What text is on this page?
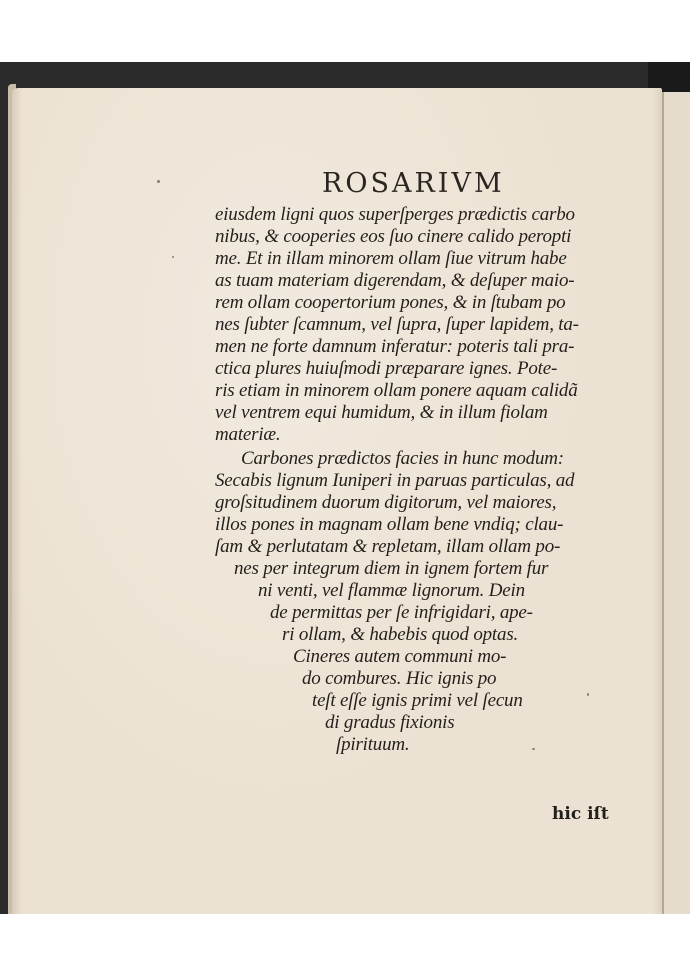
ROSARIVM
eiusdem ligni quos superſperges prædictis carbo
nibus, & cooperies eos ſuo cinere calido peropti
me. Et in illam minorem ollam ſiue vitrum habe
as tuam materiam digerendam, & deſuper maio-
rem ollam coopertorium pones, & in ſtubam po
nes ſubter ſcamnum, vel ſupra, ſuper lapidem, ta-
men ne forte damnum inferatur: poteris tali pra-
ctica plures huiuſmodi præparare ignes. Pote-
ris etiam in minorem ollam ponere aquam calidã
vel ventrem equi humidum, & in illum fiolam
materiæ.
Carbones prædictos facies in hunc modum:
Secabis lignum Iuniperi in paruas particulas, ad
groſsitudinem duorum digitorum, vel maiores,
illos pones in magnam ollam bene vndiq; clau-
ſam & perlutatam & repletam, illam ollam po-
nes per integrum diem in ignem fortem fur
ni venti, vel flammæ lignorum. Dein
de permittas per ſe infrigidari, ape-
ri ollam, & habebis quod optas.
Cineres autem communi mo-
do combures. Hic ignis po
teſt eſſe ignis primi vel ſecun
di gradus fixionis
ſpirituum.
hic iſt
